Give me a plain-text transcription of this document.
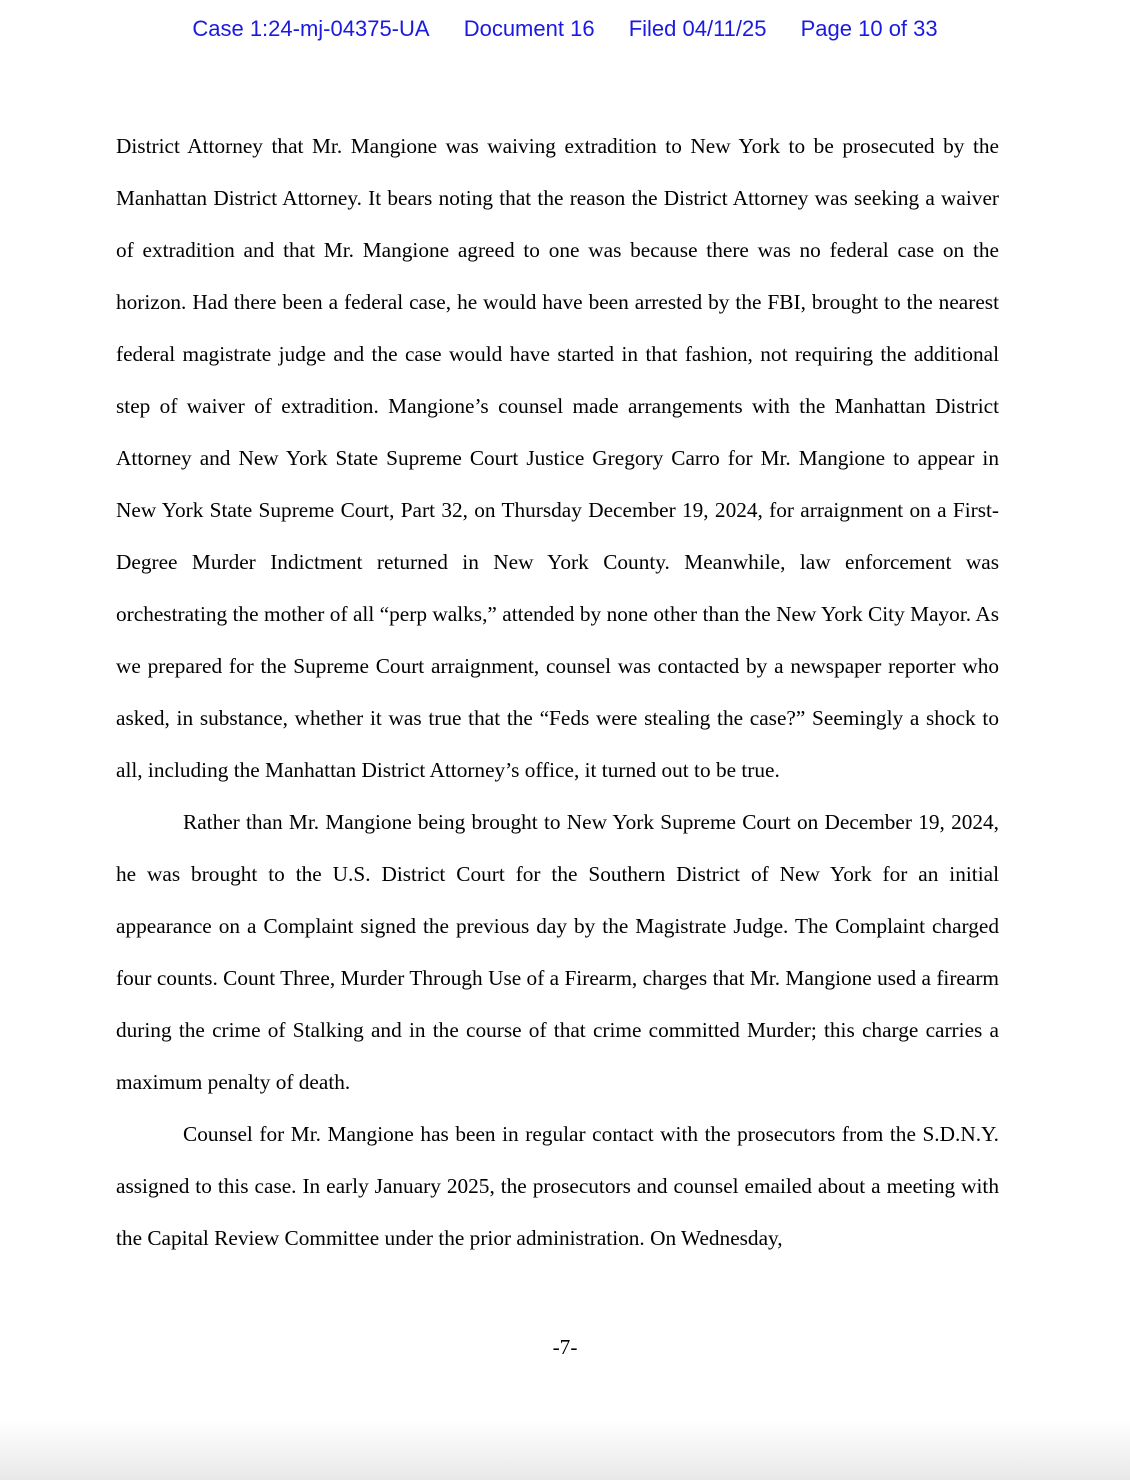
Case 1:24-mj-04375-UA Document 16 Filed 04/11/25 Page 10 of 33

District Attorney that Mr. Mangione was waiving extradition to New York to be prosecuted by the Manhattan District Attorney. It bears noting that the reason the District Attorney was seeking a waiver of extradition and that Mr. Mangione agreed to one was because there was no federal case on the horizon. Had there been a federal case, he would have been arrested by the FBI, brought to the nearest federal magistrate judge and the case would have started in that fashion, not requiring the additional step of waiver of extradition. Mangione’s counsel made arrangements with the Manhattan District Attorney and New York State Supreme Court Justice Gregory Carro for Mr. Mangione to appear in New York State Supreme Court, Part 32, on Thursday December 19, 2024, for arraignment on a First-Degree Murder Indictment returned in New York County. Meanwhile, law enforcement was orchestrating the mother of all “perp walks,” attended by none other than the New York City Mayor. As we prepared for the Supreme Court arraignment, counsel was contacted by a newspaper reporter who asked, in substance, whether it was true that the “Feds were stealing the case?” Seemingly a shock to all, including the Manhattan District Attorney’s office, it turned out to be true.

Rather than Mr. Mangione being brought to New York Supreme Court on December 19, 2024, he was brought to the U.S. District Court for the Southern District of New York for an initial appearance on a Complaint signed the previous day by the Magistrate Judge. The Complaint charged four counts. Count Three, Murder Through Use of a Firearm, charges that Mr. Mangione used a firearm during the crime of Stalking and in the course of that crime committed Murder; this charge carries a maximum penalty of death.

Counsel for Mr. Mangione has been in regular contact with the prosecutors from the S.D.N.Y. assigned to this case. In early January 2025, the prosecutors and counsel emailed about a meeting with the Capital Review Committee under the prior administration. On Wednesday,

-7-
